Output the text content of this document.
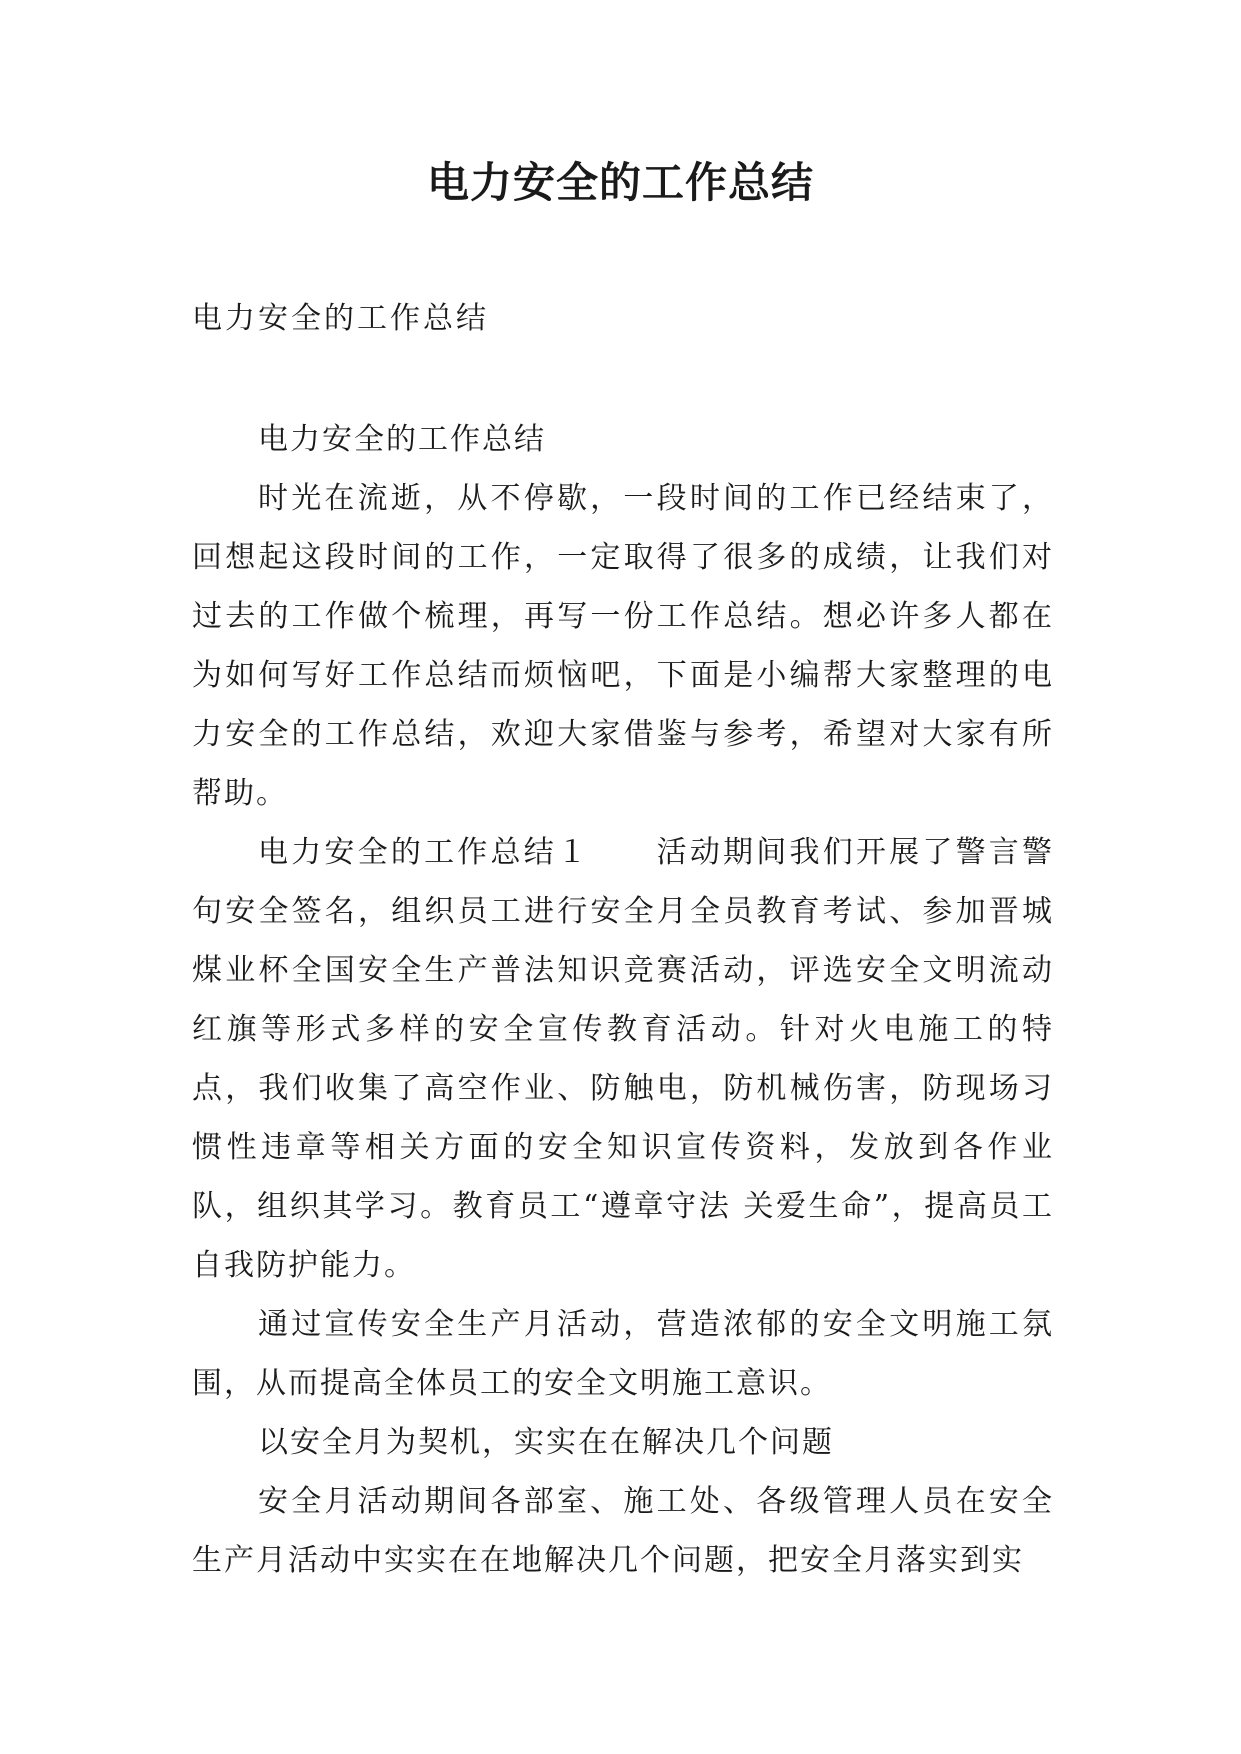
电力安全的工作总结
电力安全的工作总结

电力安全的工作总结

时光在流逝，从不停歇，一段时间的工作已经结束了，回想起这段时间的工作，一定取得了很多的成绩，让我们对过去的工作做个梳理，再写一份工作总结。想必许多人都在为如何写好工作总结而烦恼吧，下面是小编帮大家整理的电力安全的工作总结，欢迎大家借鉴与参考，希望对大家有所帮助。

电力安全的工作总结１　　活动期间我们开展了警言警句安全签名，组织员工进行安全月全员教育考试、参加晋城煤业杯全国安全生产普法知识竞赛活动，评选安全文明流动红旗等形式多样的安全宣传教育活动。针对火电施工的特点，我们收集了高空作业、防触电，防机械伤害，防现场习惯性违章等相关方面的安全知识宣传资料，发放到各作业队，组织其学习。教育员工“遵章守法 关爱生命”，提高员工自我防护能力。

通过宣传安全生产月活动，营造浓郁的安全文明施工氛围，从而提高全体员工的安全文明施工意识。

以安全月为契机，实实在在解决几个问题

安全月活动期间各部室、施工处、各级管理人员在安全生产月活动中实实在在地解决几个问题，把安全月落实到实
